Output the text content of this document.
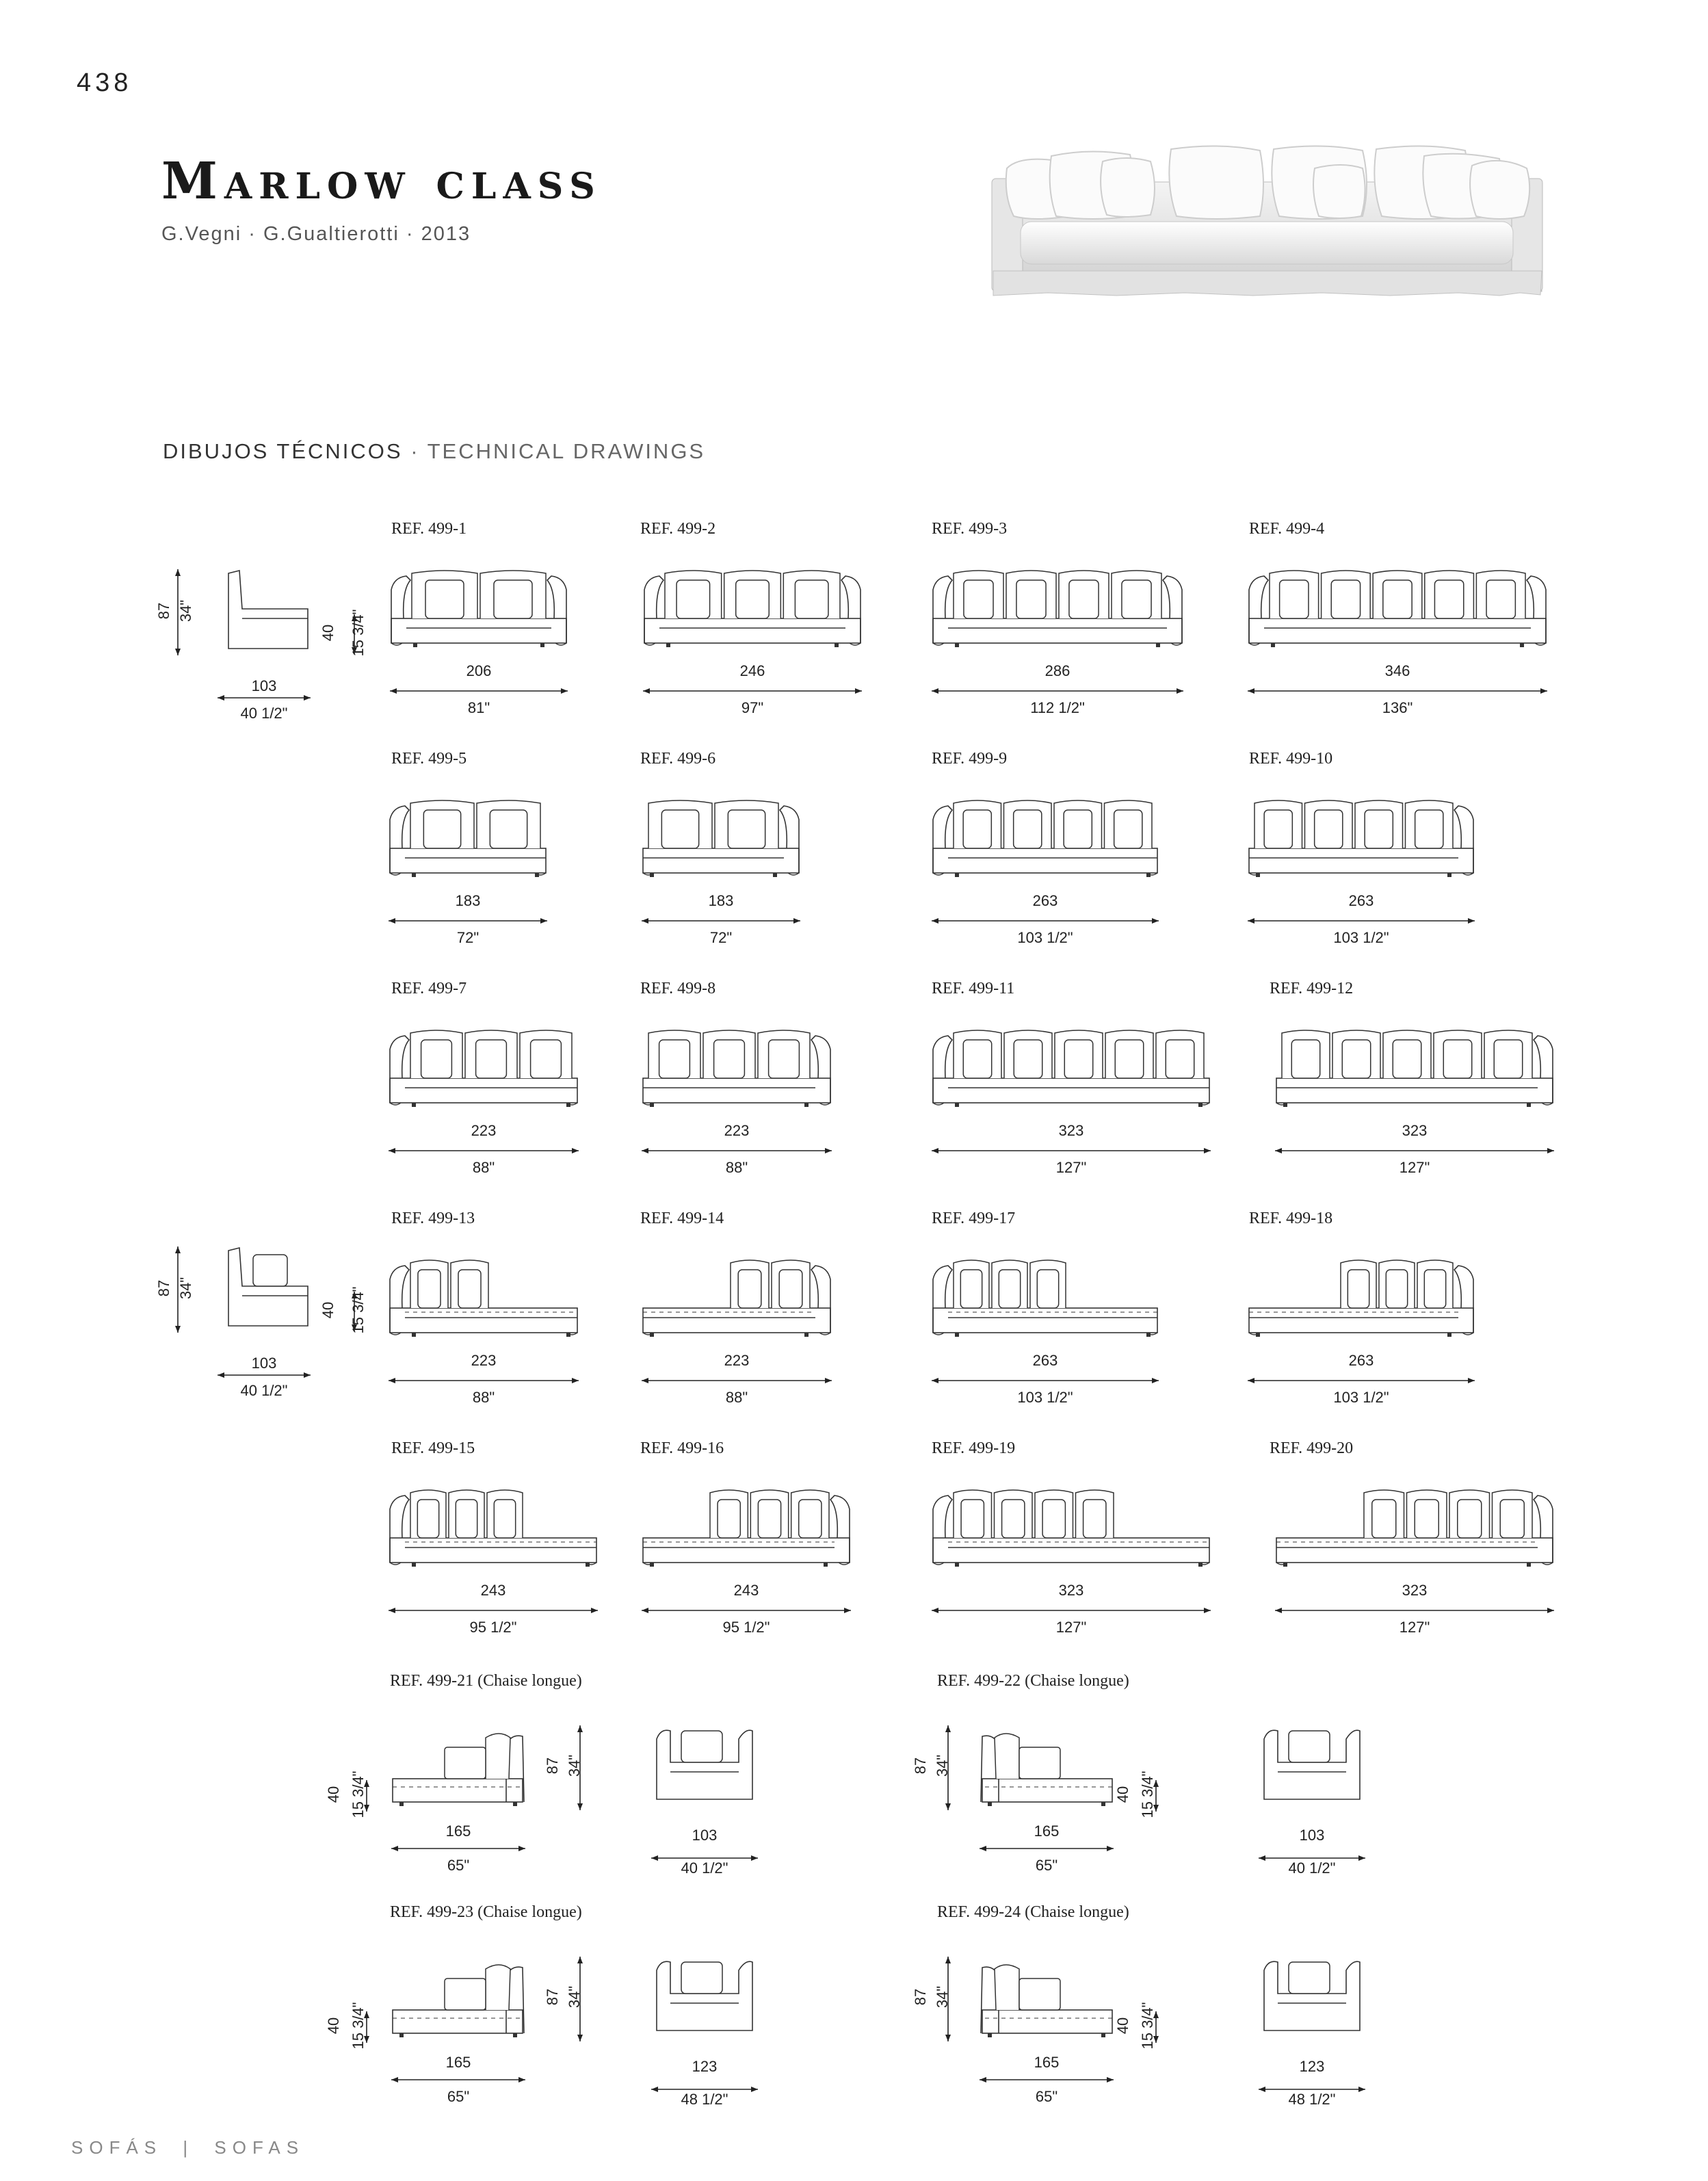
438
Marlow class
G.Vegni · G.Gualtierotti · 2013
DIBUJOS TÉCNICOS · TECHNICAL DRAWINGS
REF. 499-1
206
81"
REF. 499-2
246
97"
REF. 499-3
286
112 1/2"
REF. 499-4
346
136"
REF. 499-5
183
72"
REF. 499-6
183
72"
REF. 499-9
263
103 1/2"
REF. 499-10
263
103 1/2"
REF. 499-7
223
88"
REF. 499-8
223
88"
REF. 499-11
323
127"
REF. 499-12
323
127"
REF. 499-13
223
88"
REF. 499-14
223
88"
REF. 499-17
263
103 1/2"
REF. 499-18
263
103 1/2"
REF. 499-15
243
95 1/2"
REF. 499-16
243
95 1/2"
REF. 499-19
323
127"
REF. 499-20
323
127"
87 34"
40 15 3/4"
103
40 1/2"
87 34"
40 15 3/4"
103
40 1/2"
REF. 499-21 (Chaise longue)
40 15 3/4"
87 34"
165
65"
103
40 1/2"
REF. 499-22 (Chaise longue)
40 15 3/4"
87 34"
165
65"
103
40 1/2"
REF. 499-23 (Chaise longue)
40 15 3/4"
87 34"
165
65"
123
48 1/2"
REF. 499-24 (Chaise longue)
40 15 3/4"
87 34"
165
65"
123
48 1/2"
SOFÁS | SOFAS
